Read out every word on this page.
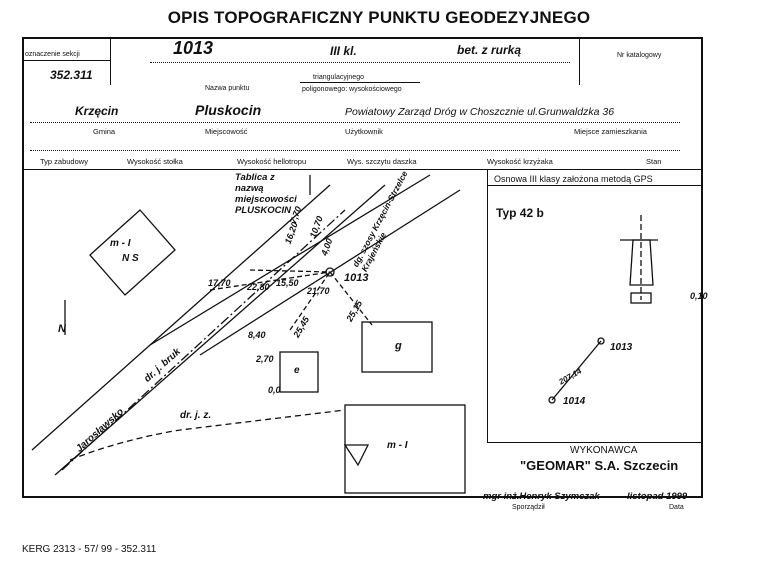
OPIS TOPOGRAFICZNY PUNKTU GEODEZYJNEGO
oznaczenie sekcji
352.311
1013	III kl.	bet. z rurką	Nr katalogowy
Nazwa punktu
triangulacyjnego
poligonowego: wysokościowego
Krzęcin	Pluskocin	Powiatowy Zarząd Dróg w Choszcznie ul.Grunwaldzka 36
Gmina	Miejscowość	Użytkownik	Miejsce zamieszkania
Typ zabudowy	Wysokość stołka	Wysokość hellotropu	Wys. szczytu daszka	Wysokość krzyżaka	Stan
Osnowa III klasy założona metodą GPS
Typ 42 b
0,10
1013
1014
207,14
WYKONAWCA
"GEOMAR" S.A. Szczecin
mgr inż.Henryk Szymczak	listopad 1999
Sporządził	Data
KERG 2313 - 57/ 99 - 352.311
Tablica z nazwą miejscowości PLUSKOCIN
m - I
N S
g
e
m - I
1013
N
dr. j. bruk
Jarosławsko	dr. j. z.
dg. szosy Krzęcin-Strzelce Krajeńskie
17,70 22,80 15,50
21,70
25,15
16,20
7,70 10,70
4,00
8,40	25,45
2,70
0,0
